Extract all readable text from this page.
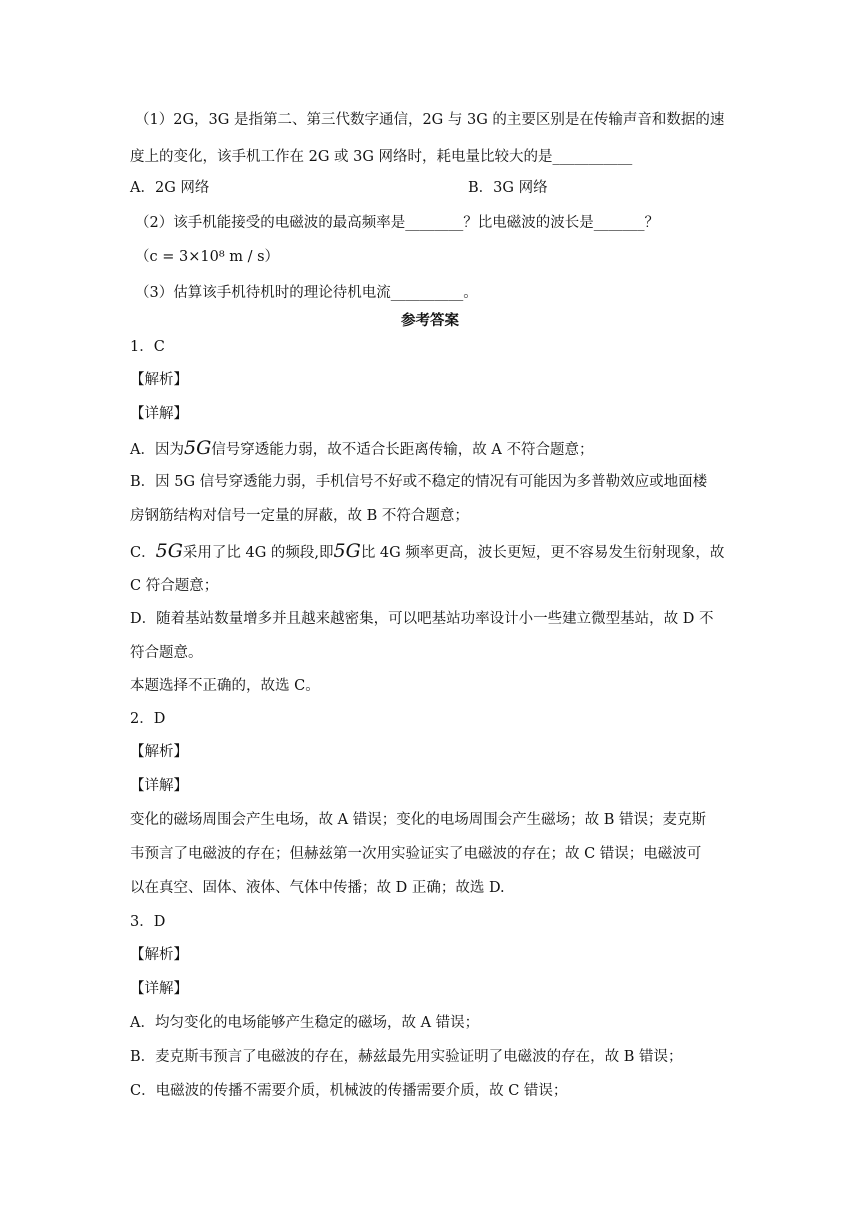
（1）2G，3G 是指第二、第三代数字通信，2G 与 3G 的主要区别是在传输声音和数据的速
度上的变化，该手机工作在 2G 或 3G 网络时，耗电量比较大的是___________
A．2G 网络	B．3G 网络
（2）该手机能接受的电磁波的最高频率是________？比电磁波的波长是_______？
（c = 3×10⁸ m / s）
（3）估算该手机待机时的理论待机电流__________。
参考答案
1．C
【解析】
【详解】
A．因为5G信号穿透能力弱，故不适合长距离传输，故 A 不符合题意；
B．因 5G 信号穿透能力弱，手机信号不好或不稳定的情况有可能因为多普勒效应或地面楼
房钢筋结构对信号一定量的屏蔽，故 B 不符合题意；
C．5G采用了比 4G 的频段,即5G比 4G 频率更高，波长更短，更不容易发生衍射现象，故
C 符合题意；
D．随着基站数量增多并且越来越密集，可以吧基站功率设计小一些建立微型基站，故 D 不
符合题意。
本题选择不正确的，故选 C。
2．D
【解析】
【详解】
变化的磁场周围会产生电场，故 A 错误；变化的电场周围会产生磁场；故 B 错误；麦克斯
韦预言了电磁波的存在；但赫兹第一次用实验证实了电磁波的存在；故 C 错误；电磁波可
以在真空、固体、液体、气体中传播；故 D 正确；故选 D.
3．D
【解析】
【详解】
A．均匀变化的电场能够产生稳定的磁场，故 A 错误；
B．麦克斯韦预言了电磁波的存在，赫兹最先用实验证明了电磁波的存在，故 B 错误；
C．电磁波的传播不需要介质，机械波的传播需要介质，故 C 错误；
